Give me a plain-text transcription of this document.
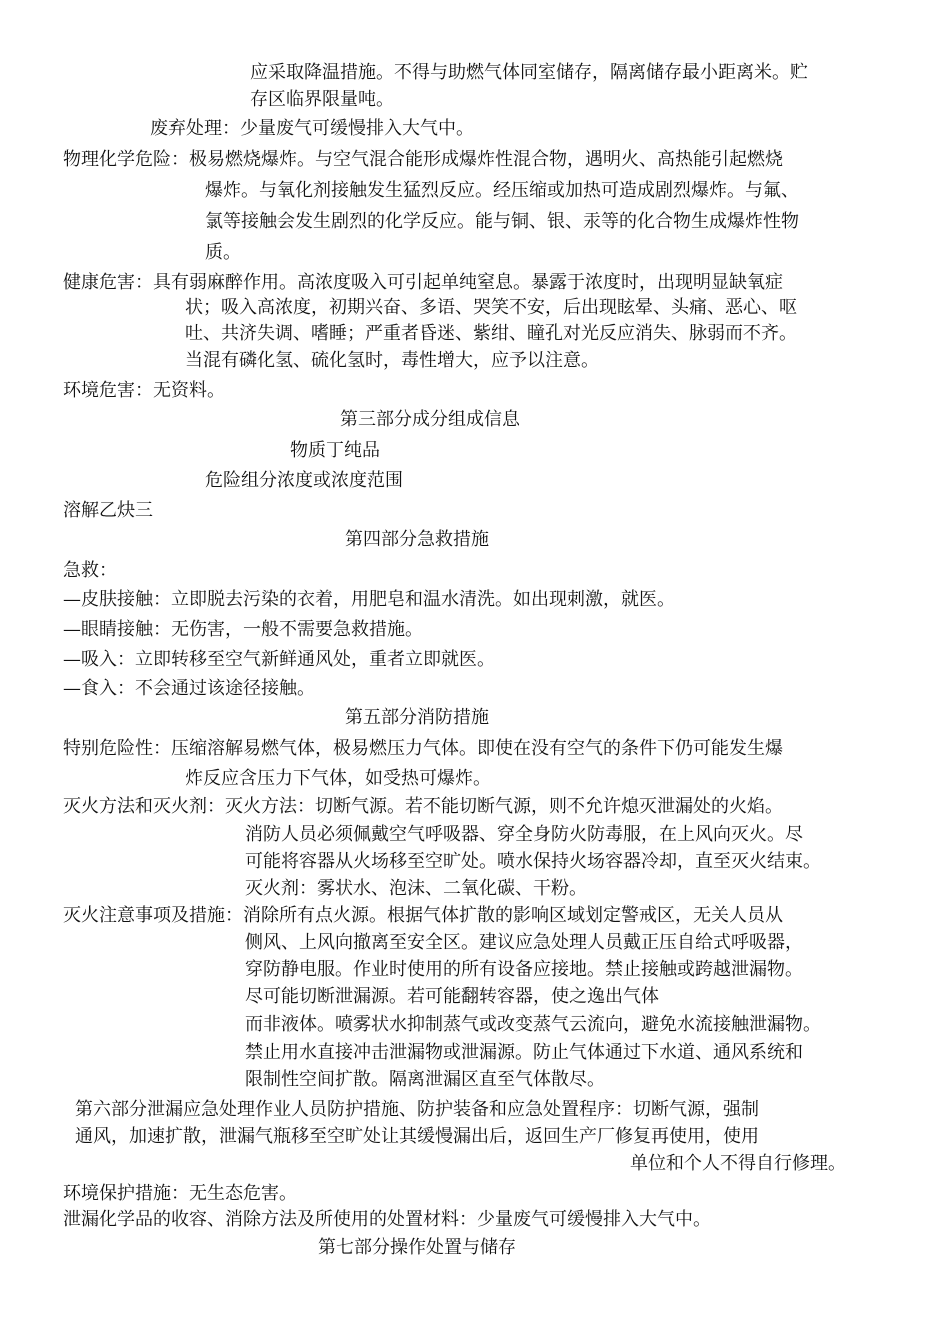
应采取降温措施。不得与助燃气体同室储存，隔离储存最小距离米。贮
存区临界限量吨。
废弃处理：少量废气可缓慢排入大气中。
物理化学危险：极易燃烧爆炸。与空气混合能形成爆炸性混合物，遇明火、高热能引起燃烧
爆炸。与氧化剂接触发生猛烈反应。经压缩或加热可造成剧烈爆炸。与氟、
氯等接触会发生剧烈的化学反应。能与铜、银、汞等的化合物生成爆炸性物
质。
健康危害：具有弱麻醉作用。高浓度吸入可引起单纯窒息。暴露于浓度时，出现明显缺氧症
状；吸入高浓度，初期兴奋、多语、哭笑不安，后出现眩晕、头痛、恶心、呕
吐、共济失调、嗜睡；严重者昏迷、紫绀、瞳孔对光反应消失、脉弱而不齐。
当混有磷化氢、硫化氢时，毒性增大，应予以注意。
环境危害：无资料。
第三部分成分组成信息
物质丁纯品
危险组分浓度或浓度范围
溶解乙炔三
第四部分急救措施
急救：
—皮肤接触：立即脱去污染的衣着，用肥皂和温水清洗。如出现刺激，就医。
—眼睛接触：无伤害，一般不需要急救措施。
—吸入：立即转移至空气新鲜通风处，重者立即就医。
—食入：不会通过该途径接触。
第五部分消防措施
特别危险性：压缩溶解易燃气体，极易燃压力气体。即使在没有空气的条件下仍可能发生爆
炸反应含压力下气体，如受热可爆炸。
灭火方法和灭火剂：灭火方法：切断气源。若不能切断气源，则不允许熄灭泄漏处的火焰。
消防人员必须佩戴空气呼吸器、穿全身防火防毒服，在上风向灭火。尽
可能将容器从火场移至空旷处。喷水保持火场容器冷却，直至灭火结束。
灭火剂：雾状水、泡沫、二氧化碳、干粉。
灭火注意事项及措施：消除所有点火源。根据气体扩散的影响区域划定警戒区，无关人员从
侧风、上风向撤离至安全区。建议应急处理人员戴正压自给式呼吸器，
穿防静电服。作业时使用的所有设备应接地。禁止接触或跨越泄漏物。
尽可能切断泄漏源。若可能翻转容器，使之逸出气体
而非液体。喷雾状水抑制蒸气或改变蒸气云流向，避免水流接触泄漏物。
禁止用水直接冲击泄漏物或泄漏源。防止气体通过下水道、通风系统和
限制性空间扩散。隔离泄漏区直至气体散尽。
第六部分泄漏应急处理作业人员防护措施、防护装备和应急处置程序：切断气源，强制
通风，加速扩散，泄漏气瓶移至空旷处让其缓慢漏出后，返回生产厂修复再使用，使用
单位和个人不得自行修理。
环境保护措施：无生态危害。
泄漏化学品的收容、消除方法及所使用的处置材料：少量废气可缓慢排入大气中。
第七部分操作处置与储存
